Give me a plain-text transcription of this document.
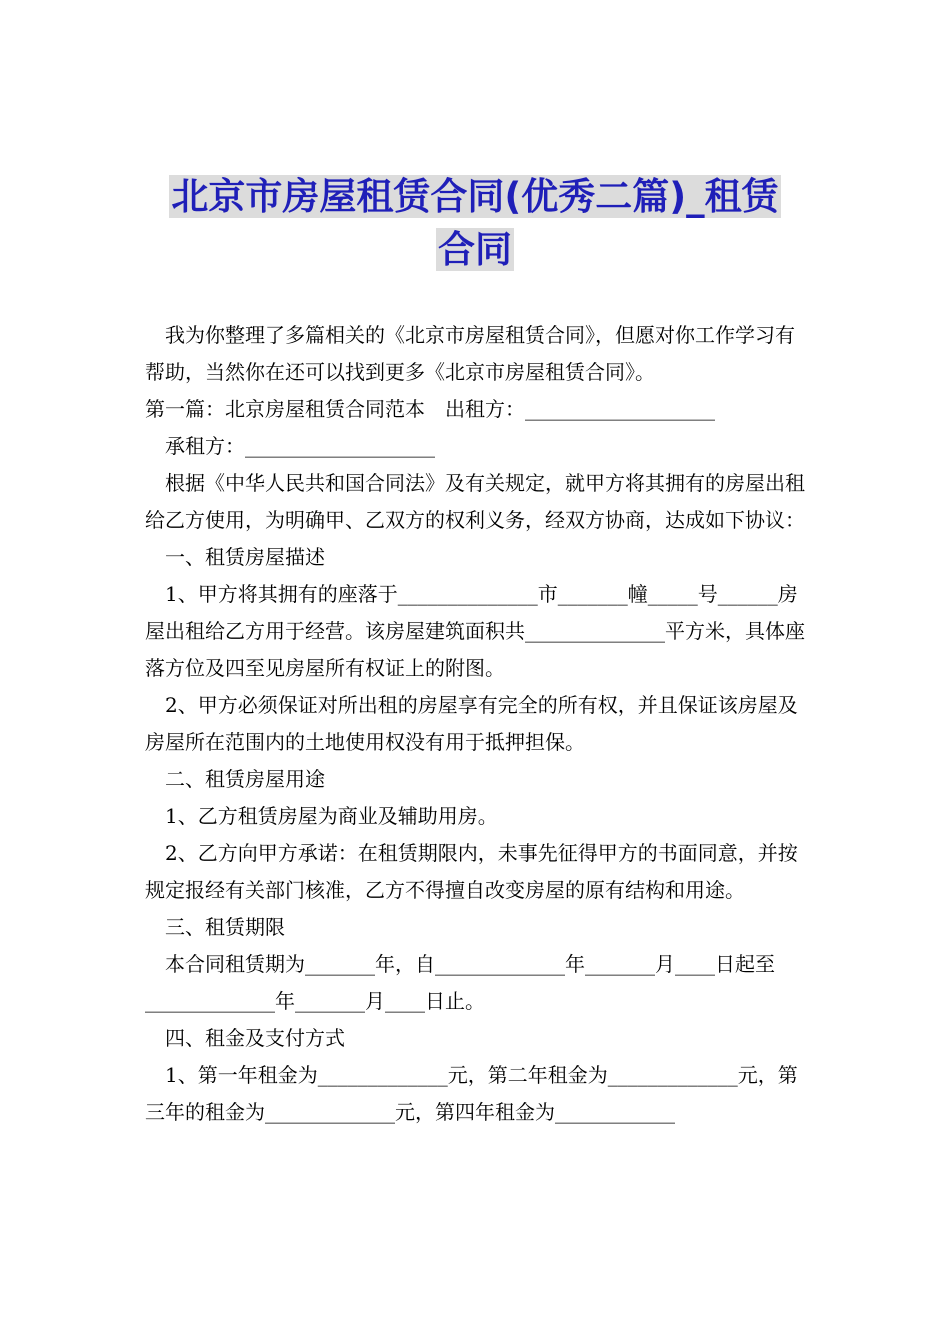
北京市房屋租赁合同(优秀二篇)_租赁
合同

我为你整理了多篇相关的《北京市房屋租赁合同》，但愿对你工作学习有帮助，当然你在还可以找到更多《北京市房屋租赁合同》。

第一篇：北京房屋租赁合同范本　出租方：___________________

承租方：___________________

根据《中华人民共和国合同法》及有关规定，就甲方将其拥有的房屋出租给乙方使用，为明确甲、乙双方的权利义务，经双方协商，达成如下协议：

一、租赁房屋描述

1、甲方将其拥有的座落于______________市_______幢_____号______房屋出租给乙方用于经营。该房屋建筑面积共______________平方米，具体座落方位及四至见房屋所有权证上的附图。

2、甲方必须保证对所出租的房屋享有完全的所有权，并且保证该房屋及房屋所在范围内的土地使用权没有用于抵押担保。

二、租赁房屋用途

1、乙方租赁房屋为商业及辅助用房。

2、乙方向甲方承诺：在租赁期限内，未事先征得甲方的书面同意，并按规定报经有关部门核准，乙方不得擅自改变房屋的原有结构和用途。

三、租赁期限

本合同租赁期为_______年，自_____________年_______月____日起至_____________年_______月____日止。

四、租金及支付方式

1、第一年租金为_____________元，第二年租金为_____________元，第三年的租金为_____________元，第四年租金为____________
